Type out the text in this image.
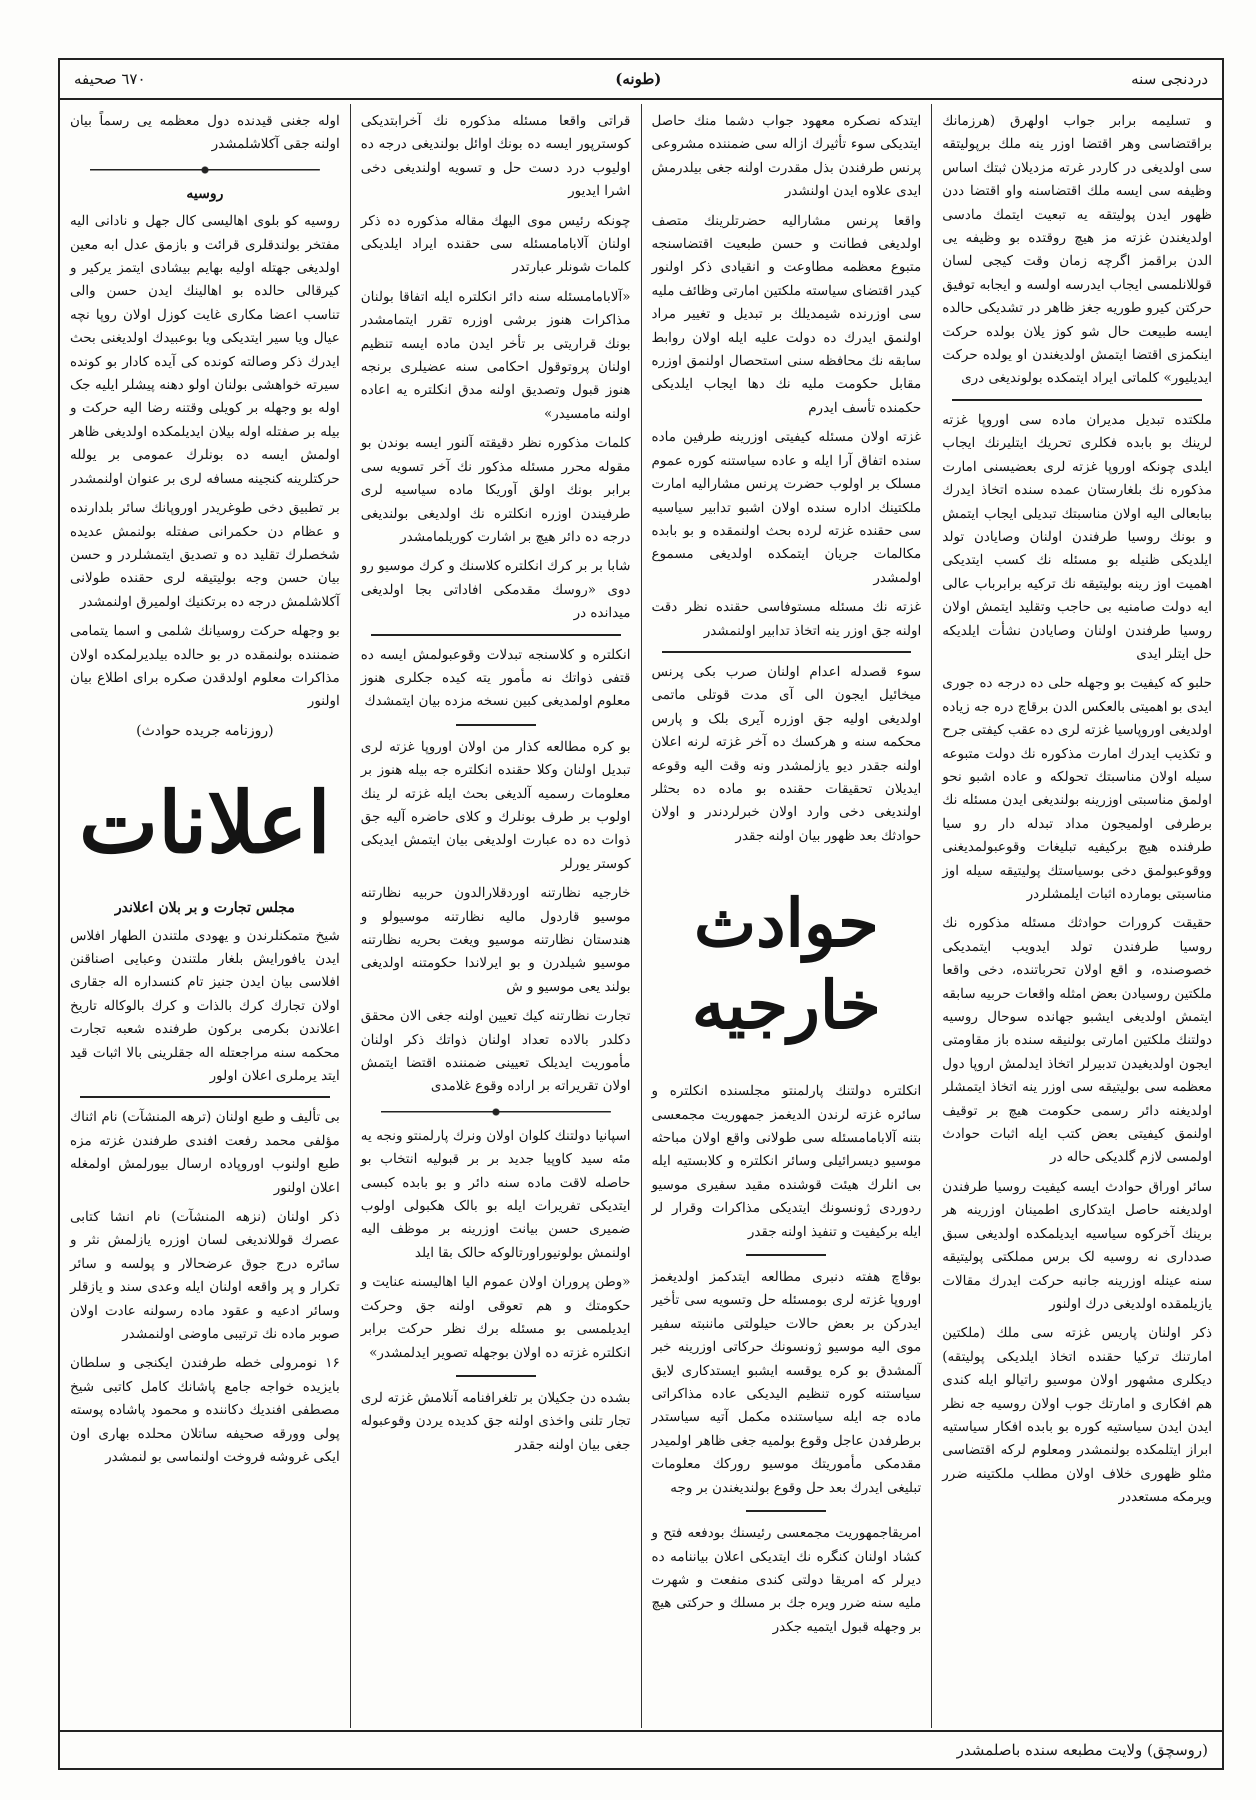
دردنجی سنه
(طونه)
٦٧٠ صحیفه

و تسلیمه برابر جواب اولهرق (هرزمانك براقتضاسی وهر اقتضا اوزر ینه ملك برپولیتقه سی اولدیغی در کاردر غرته مزدیلان ثبتك اساس وظیفه سی ایسه ملك اقتضاسنه واو اقتضا ددن ظهور ایدن پولیتقه یه تبعیت ایتمك مادسی اولدیغندن غزته مز هیچ روقتده بو وظیفه یی الدن براقمز اگرچه زمان وقت کیجی لسان قوللانلمسی ایجاب ایدرسه اولسه و ایجابه توفیق حرکتن کیرو طوریه جغز ظاهر در تشدیکی حالده ایسه طبیعت حال شو کوز یلان بولده حرکت اینکمزی اقتضا ایتمش اولدیغندن او یولده حرکت ایدیلیور» کلماتی ایراد ایتمکده بولوندیغی دری

ملکتده تبدیل مدیران ماده سی اوروپا غزته لرینك بو بابده فکلری تحریك ایتلیرنك ایجاب ایلدی چونکه اوروپا غزته لری بعضیسنی امارت مذکوره نك بلغارستان عمده سنده اتخاذ ایدرك ببابعالی الیه اولان مناسبتك تبدیلی ایجاب ایتمش و بونك روسیا طرفندن اولنان وصایادن تولد ایلدیکی ظنیله بو مسئله نك کسب ایتدیکی اهمیت اوز رینه بولیتیقه نك ترکیه برابرباب عالی ایه دولت صامنیه بی حاجب وتقلید ایتمش اولان روسیا طرفندن اولنان وصایادن نشأت ایلدیکه حل ایتلر ایدی

حلبو که کیفیت بو وجهله حلی ده درجه ده جوری ایدی بو اهمیتی بالعکس الدن برقاچ دره جه زیاده اولدیغی اوروپاسیا غزته لری ده عقب کیفتی جرح و تکذیب ایدرك امارت مذکوره نك دولت متبوعه سیله اولان مناسبتك تحولکه و عاده اشبو نحو اولمق مناسبتی اوزرینه بولندیغی ایدن مسئله نك برطرفی اولمیجون مداد تبدله دار رو سیا طرفنده هیچ برکیفیه تبلیغات وقوعبولمدیغنی ووقوعبولمق دخی بوسیاستك پولیتیقه سیله اوز مناسبتی بومارده اثبات ایلمشلردر

حقیقت کرورات حوادثك مسئله مذکوره نك روسیا طرفندن تولد ایدویب ایتمدیکی خصوصنده، و اقع اولان تحرباتنده، دخی واقعا ملکتین روسیادن بعض امثله واقعات حربیه سابقه ایتمش اولدیغی ایشبو جهانده سوحال روسیه دولتنك ملکتین امارتی بولنیقه سنده باز مقاومتی ایجون اولدیغیدن تدبیرلر اتخاذ ایدلمش اروپا دول معظمه سی بولیتیقه سی اوزر ینه اتخاذ ایتمشلر اولدیغنه دائر رسمی حکومت هیچ بر توقیف اولنمق کیفیتی بعض کتب ایله اثبات حوادث اولمسی لازم گلدیکی حاله در

سائر اوراق حوادث ایسه کیفیت روسیا طرفندن اولدیغنه حاصل ایتدکاری اطمینان اوزرینه هر برینك آخرکوه سیاسیه ایدیلمکده اولدیغی سبق صدداری نه روسیه لک برس مملکتی پولیتیقه سنه عینله اوزرینه جانبه حرکت ایدرك مقالات یازیلمقده اولدیغی درك اولنور

ذکر اولنان پاریس غزته سی ملك (ملکتین امارتنك ترکیا حقنده اتخاذ ایلدیکی پولیتقه) دیکلری مشهور اولان موسیو راتیالو ایله کندی هم افکاری و امارتك جوب اولان روسیه جه نظر ایدن ایدن سیاستیه کوره بو بابده افکار سیاستیه ابراز ایتلمکده بولنمشدر ومعلوم لرکه اقتضاسی مثلو ظهوری خلاف اولان مطلب ملکتینه ضرر ویرمکه مستعددر

ایتدکه نصکره معهود جواب دشما منك حاصل ایتدیکی سوء تأثیرك ازاله سی ضمننده مشروعی پرنس طرفندن بذل مقدرت اولنه جغی بیلدرمش ایدی علاوه ایدن اولنشدر

واقعا پرنس مشارالیه حضرتلرینك متصف اولدیغی فطانت و حسن طبعیت اقتضاسنجه متبوع معظمه مطاوعت و انقیادی ذکر اولنور کیدر اقتضای سیاسته ملکتین امارتی وظائف ملیه سی اوزرنده شیمدیلك بر تبدیل و تغییر مراد اولنمق ایدرك ده دولت علیه ایله اولان روابط سابقه نك محافظه سنی استحصال اولنمق اوزره مقابل حکومت ملیه نك دها ایجاب ایلدیکی حکمنده تأسف ایدرم

غزته اولان مسئله کیفیتی اوزرینه طرفین ماده سنده اتفاق آرا ایله و عاده سیاستنه کوره عموم مسلک بر اولوب حضرت پرنس مشارالیه امارت ملکتینك اداره سنده اولان اشبو تدابیر سیاسیه سی حقنده غزته لرده بحث اولنمقده و بو بابده مکالمات جریان ایتمکده اولدیغی مسموع اولمشدر

غزته نك مسئله مستوفاسی حقنده نظر دقت اولنه جق اوزر ینه اتخاذ تدابیر اولنمشدر

سوء قصدله اعدام اولنان صرب بکی پرنس میخائیل ایجون الی آی مدت قوتلی ماتمی اولدیغی اولیه جق اوزره آیری بلک و پارس محکمه سنه و هرکسك ده آخر غزته لرنه اعلان اولنه جقدر دیو یازلمشدر ونه وقت الیه وقوعه ایدیلان تحقیقات حقنده بو ماده ده بحثلر اولندیغی دخی وارد اولان خبرلردندر و اولان حوادثك بعد ظهور بیان اولنه جقدر

حوادث خارجیه

انکلتره دولتنك پارلمنتو مجلسنده انکلتره و سائره غزته لرندن الدیغمز جمهوریت مجمعسی بتنه آلابامامسئله سی طولانی واقع اولان مباحثه موسیو دیسرائیلی وسائر انکلتره و کلابستیه ایله بی انلرك هیئت قوشنده مقید سفیری موسیو ردوردی ژونسونك ایتدیکی مذاکرات وقرار لر ایله برکیفیت و تنفیذ اولنه جقدر

بوقاچ هفته دنبری مطالعه ایتدکمز اولدیغمز اوروپا غزته لری بومسئله حل وتسویه سی تأخیر ایدرکن بر بعض حالات حیلولتی ماننبته سفیر موی الیه موسیو ژونسونك حرکاتی اوزرینه خبر آلمشدق بو کره یوقسه ایشبو ایستدکاری لایق سیاستنه کوره تنظیم الیدیکی عاده مذاکراتی ماده جه ایله سیاستنده مکمل آتیه سیاستدر برطرفدن عاجل وقوع بولمیه جغی ظاهر اولمیدر مقدمکی مأموریتك موسیو رورکك معلومات تبلیغی ایدرك بعد حل وقوع بولندیغندن بر وجه

امریقاجمهوریت مجمعسی رئیسنك بودفعه فتح و کشاد اولنان کنگره نك ایتدیکی اعلان بیاننامه ده دیرلر که امریقا دولتی کندی منفعت و شهرت ملیه سنه ضرر ویره جك بر مسلك و حرکتی هیچ بر وجهله قبول ایتمیه جکدر

قراتی واقعا مسئله مذکوره نك آخرابتدیکی کوسترپور ایسه ده بونك اوائل بولندیغی درجه ده اوليوب درد دست حل و تسویه اولندیغی دخی اشرا ایدیور

چونکه رئیس موی الیهك مقاله مذکوره ده ذکر اولنان آلابامامسئله سی حقنده ایراد ایلدیکی کلمات شونلر عبارتدر

«آلابامامسئله سنه دائر انکلتره ایله اتفاقا بولنان مذاکرات هنوز برشی اوزره تقرر ایتمامشدر بونك قراریتی بر تأخر ایدن ماده ایسه تنظیم اولنان پروتوقول احکامی سنه عضیلری برنجه هنوز قبول وتصدیق اولنه مدق انکلتره یه اعاده اولنه مامسیدر»

کلمات مذکوره نظر دقیقته آلنور ایسه بوندن بو مقوله محرر مسئله مذکور نك آخر تسویه سی برابر بونك اولق آوریکا ماده سیاسیه لری طرفیندن اوزره انکلتره نك اولدیغی بولندیغی درجه ده دائر هیچ بر اشارت کوریلمامشدر

شابا بر بر کرك انکلتره کلاسنك و کرك موسیو رو دوی «روسك مقدمکی افاداتی بجا اولدیغی میدانده در

انکلتره و کلاسنجه تبدلات وقوعبولمش ایسه ده قتفی ذواتك نه مأمور یته کیده جکلری هنوز معلوم اولمدیغی کبین نسخه مزده بیان ایتمشدك

بو کره مطالعه کذار من اولان اوروپا غزته لری تبدیل اولنان وکلا حقنده انکلتره جه بیله هنوز بر معلومات رسمیه آلدیغی بحث ایله غزته لر ینك اولوب بر طرف بونلرك و کلای حاضره آلیه جق ذوات ده ده عبارت اولدیغی بیان ایتمش ایدیکی کوستر یورلر

خارجیه نظارتنه اوردقلارالدون حربیه نظارتنه موسیو قاردول مالیه نظارتنه موسیولو و هندستان نظارتنه موسیو ویغت بحریه نظارتنه موسیو شیلدرن و بو ایرلاندا حکومتنه اولدیغی بولند یعی موسیو و ش

تجارت نظارتنه کیك تعیین اولنه جغی الان محقق دکلدر بالاده تعداد اولنان ذواتك ذکر اولنان مأموریت ایدیلک تعیینی ضمننده اقتضا ایتمش اولان تقریراته بر اراده وقوع غلامدی

اسپانیا دولتنك کلوان اولان ونرك پارلمنتو ونجه یه مئه سید کاوپیا جدید بر بر قبولیه انتخاب بو حاصله لاقت ماده سنه دائر و بو بابده کبسی ایتدیکی تفریرات ایله بو بالک هکبولی اولوب ضمیری حسن بیانت اوزرینه بر موظف الیه اولنمش بولونیوراورتالوکه حالک بقا ایلد

«وطن پروران اولان عموم الیا اهالیسنه عنایت و حکومتك و هم تعوقی اولنه جق وحرکت ایدیلمسی بو مسئله برك نظر حرکت برابر انکلتره غزته ده اولان بوجهله تصویر ایدلمشدر»

بشده دن جکیلان بر تلغرافنامه آنلامش غزته لری تجار تلنی واخذی اولنه جق کدیده یردن وقوعبوله جغی بیان اولنه جقدر

اوله جغنی قیدنده دول معظمه یی رسماً بیان اولنه جقی آکلاشلمشدر

روسیه

روسیه کو بلوی اهالیسی کال جهل و نادانی الیه مفتخر بولندقلری قرائت و بازمق عدل ابه معین اولدیغی جهتله اولیه بهایم بیشادی ایتمز یرکیر و کیرقالی حالده بو اهالینك ایدن حسن والی تناسب اعضا مکاری غایت کوزل اولان روپا نچه عیال ویا سیر ایتدیکی ویا بوعبیدك اولدیغنی بحث ایدرك ذکر وصالته کونده کی آیده کادار بو کونده سیرته خواهشی بولنان اولو دهنه پیشلر ایلیه جک اوله بو وجهله بر کویلی وقتنه رضا الیه حرکت و بیله بر صفتله اوله بیلان ایدیلمکده اولدیغی ظاهر اولمش ایسه ده بونلرك عمومی بر یولله حرکتلرینه کنجینه مسافه لری بر عنوان اولنمشدر

بر تطبیق دخی طوغریدر اوروپانك سائر بلدارنده و عظام دن حکمرانی صفتله بولنمش عدیده شخصلرك تقلید ده و تصدیق ایتمشلردر و حسن بیان حسن وجه بولیتیقه لری حقنده طولانی آکلاشلمش درجه ده برتکنیك اولمیرق اولنمشدر

بو وجهله حرکت روسیانك شلمی و اسما یتمامی ضمننده بولنمقده در بو حالده بیلدیرلمکده اولان مذاکرات معلوم اولدقدن صکره برای اطلاع بیان اولنور

(روزنامه جریده حوادث)
اعلانات
مجلس تجارت و بر بلان اعلاندر

شیخ متمکنلرندن و یهودی ملتندن الطهار افلاس ایدن یافورایش بلغار ملتندن وعبایی اصناقنن افلاسی بیان ایدن جنیز تام کنسداره اله جقاری اولان تجارك کرك بالذات و کرك بالوکاله تاریخ اعلاندن بکرمی برکون طرفنده شعبه تجارت محکمه سنه مراجعتله اله جقلرینی بالا اثبات قید ایتد یرملری اعلان اولور

بی تألیف و طبع اولنان (ترهه المنشآت) نام اثناك مؤلفی محمد رفعت افندی طرفندن غزته مزه طبع اولنوب اوروپاده ارسال بیورلمش اولمغله اعلان اولنور

ذکر اولنان (نزهه المنشآت) نام انشا کتابی عصرك قوللاندیغی لسان اوزره یازلمش نثر و سائره درج جوق عرضحالار و پولسه و سائر تکرار و پر واقعه اولنان ایله وعدی سند و یازقلر وسائر ادعیه و عقود ماده رسولنه عادت اولان صوبر ماده نك ترتیبی ماوضی اولنمشدر

۱۶ نومرولی خطه طرفندن ایکنجی و سلطان بایزیده خواجه جامع پاشانك کامل کاتبی شیخ مصطفی افندیك دکاننده و محمود پاشاده پوسته پولی وورقه صحیفه ساتلان محلده بهاری اون ایکی غروشه فروخت اولنماسی بو لنمشدر

(روسچق) ولایت مطبعه سنده باصلمشدر
